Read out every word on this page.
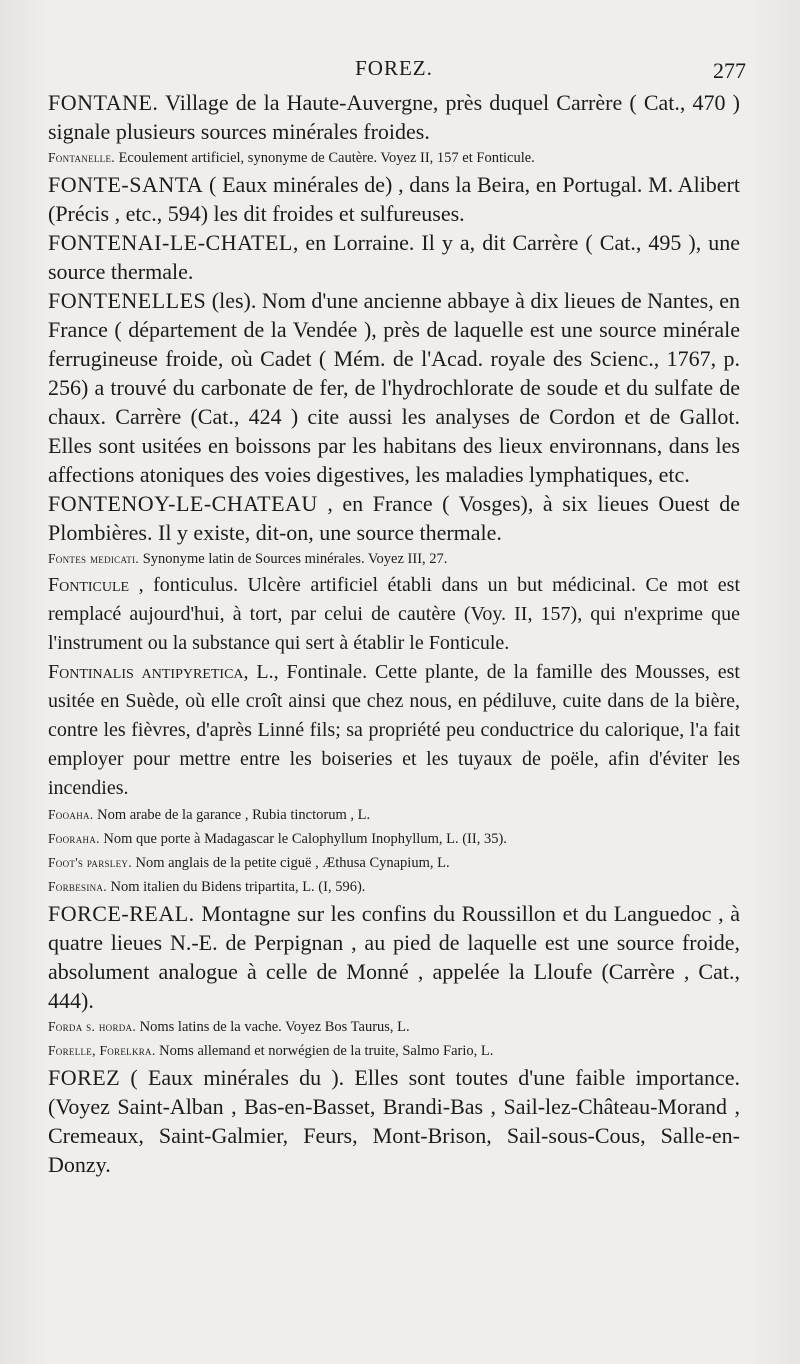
FOREZ.	277

FONTANE. Village de la Haute-Auvergne, près duquel Carrère ( Cat., 470 ) signale plusieurs sources minérales froides.

Fontanelle. Ecoulement artificiel, synonyme de Cautère. Voyez II, 157 et Fonticule.

FONTE-SANTA ( Eaux minérales de) , dans la Beira, en Portugal. M. Alibert (Précis , etc., 594) les dit froides et sulfureuses.

FONTENAI-LE-CHATEL, en Lorraine. Il y a, dit Carrère ( Cat., 495 ), une source thermale.

FONTENELLES (les). Nom d'une ancienne abbaye à dix lieues de Nantes, en France ( département de la Vendée ), près de laquelle est une source minérale ferrugineuse froide, où Cadet ( Mém. de l'Acad. royale des Scienc., 1767, p. 256) a trouvé du carbonate de fer, de l'hydrochlorate de soude et du sulfate de chaux. Carrère (Cat., 424 ) cite aussi les analyses de Cordon et de Gallot. Elles sont usitées en boissons par les habitans des lieux environnans, dans les affections atoniques des voies digestives, les maladies lymphatiques, etc.

FONTENOY-LE-CHATEAU , en France ( Vosges), à six lieues Ouest de Plombières. Il y existe, dit-on, une source thermale.

Fontes medicati. Synonyme latin de Sources minérales. Voyez III, 27.

Fonticule , fonticulus. Ulcère artificiel établi dans un but médicinal. Ce mot est remplacé aujourd'hui, à tort, par celui de cautère (Voy. II, 157), qui n'exprime que l'instrument ou la substance qui sert à établir le Fonticule.

Fontinalis antipyretica, L., Fontinale. Cette plante, de la famille des Mousses, est usitée en Suède, où elle croît ainsi que chez nous, en pédiluve, cuite dans de la bière, contre les fièvres, d'après Linné fils; sa propriété peu conductrice du calorique, l'a fait employer pour mettre entre les boiseries et les tuyaux de poële, afin d'éviter les incendies.

Fooaha. Nom arabe de la garance , Rubia tinctorum , L.

Fooraha. Nom que porte à Madagascar le Calophyllum Inophyllum, L. (II, 35).

Foot's parsley. Nom anglais de la petite ciguë , Æthusa Cynapium, L.

Forbesina. Nom italien du Bidens tripartita, L. (I, 596).

FORCE-REAL. Montagne sur les confins du Roussillon et du Languedoc , à quatre lieues N.-E. de Perpignan , au pied de laquelle est une source froide, absolument analogue à celle de Monné , appelée la Lloufe (Carrère , Cat., 444).

Forda s. horda. Noms latins de la vache. Voyez Bos Taurus, L.

Forelle, Forelkra. Noms allemand et norwégien de la truite, Salmo Fario, L.

FOREZ ( Eaux minérales du ). Elles sont toutes d'une faible importance. (Voyez Saint-Alban , Bas-en-Basset, Brandi-Bas , Sail-lez-Château-Morand , Cremeaux, Saint-Galmier, Feurs, Mont-Brison, Sail-sous-Cous, Salle-en-Donzy.
